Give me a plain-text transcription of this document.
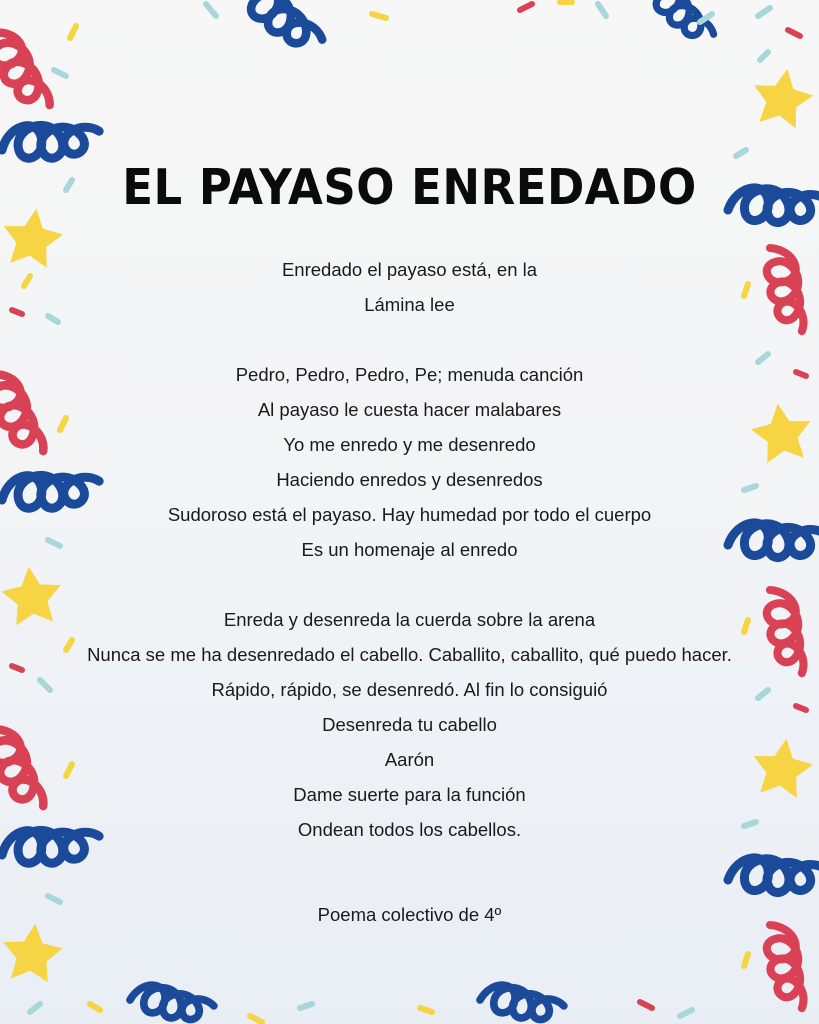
EL PAYASO ENREDADO
Enredado el payaso está, en la
Lámina lee
Pedro, Pedro, Pedro, Pe; menuda canción
Al payaso le cuesta hacer malabares
Yo me enredo y me desenredo
Haciendo enredos y desenredos
Sudoroso está el payaso. Hay humedad por todo el cuerpo
Es un homenaje al enredo
Enreda y desenreda la cuerda sobre la arena
Nunca se me ha desenredado el cabello. Caballito, caballito, qué puedo hacer.
Rápido, rápido, se desenredó. Al fin lo consiguió
Desenreda tu cabello
Aarón
Dame suerte para la función
Ondean todos los cabellos.
Poema colectivo de 4º
